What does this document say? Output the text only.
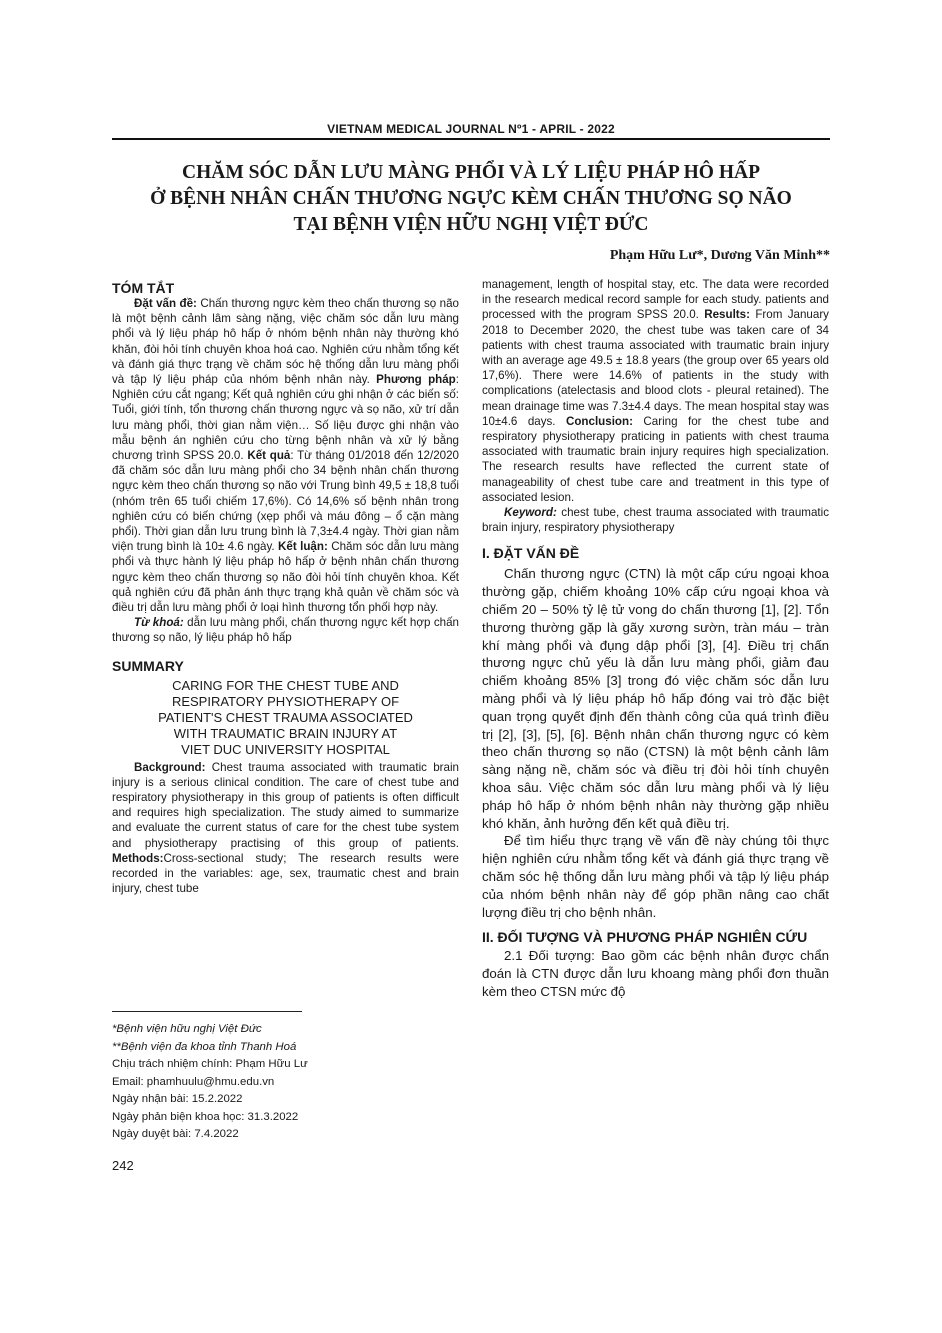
VIETNAM MEDICAL JOURNAL Nº1 - APRIL - 2022
CHĂM SÓC DẪN LƯU MÀNG PHỔI VÀ LÝ LIỆU PHÁP HÔ HẤP
Ở BỆNH NHÂN CHẤN THƯƠNG NGỰC KÈM CHẤN THƯƠNG SỌ NÃO
TẠI BỆNH VIỆN HỮU NGHỊ VIỆT ĐỨC
Phạm Hữu Lư*, Dương Văn Minh**

TÓM TẮT

Đặt vấn đề: Chấn thương ngực kèm theo chấn thương sọ não là một bệnh cảnh lâm sàng nặng, việc chăm sóc dẫn lưu màng phổi và lý liệu pháp hô hấp ở nhóm bệnh nhân này thường khó khăn, đòi hỏi tính chuyên khoa hoá cao. Nghiên cứu nhằm tổng kết và đánh giá thực trạng về chăm sóc hệ thống dẫn lưu màng phổi và tập lý liệu pháp của nhóm bệnh nhân này. Phương pháp: Nghiên cứu cắt ngang; Kết quả nghiên cứu ghi nhận ở các biến số: Tuổi, giới tính, tổn thương chấn thương ngực và sọ não, xử trí dẫn lưu màng phổi, thời gian nằm viện… Số liệu được ghi nhận vào mẫu bệnh án nghiên cứu cho từng bệnh nhân và xử lý bằng chương trình SPSS 20.0. Kết quả: Từ tháng 01/2018 đến 12/2020 đã chăm sóc dẫn lưu màng phổi cho 34 bệnh nhân chấn thương ngực kèm theo chấn thương sọ não với Trung bình 49,5 ± 18,8 tuổi (nhóm trên 65 tuổi chiếm 17,6%). Có 14,6% số bệnh nhân trong nghiên cứu có biến chứng (xẹp phổi và máu đông – ổ cặn màng phổi). Thời gian dẫn lưu trung bình là 7,3±4.4 ngày. Thời gian nằm viện trung bình là 10± 4.6 ngày. Kết luận: Chăm sóc dẫn lưu màng phổi và thực hành lý liệu pháp hô hấp ở bệnh nhân chấn thương ngực kèm theo chấn thương sọ não đòi hỏi tính chuyên khoa. Kết quả nghiên cứu đã phản ánh thực trạng khả quản về chăm sóc và điều trị dẫn lưu màng phổi ở loại hình thương tổn phối hợp này.

Từ khoá: dẫn lưu màng phổi, chấn thương ngực kết hợp chấn thương sọ não, lý liệu pháp hô hấp

SUMMARY

CARING FOR THE CHEST TUBE AND
RESPIRATORY PHYSIOTHERAPY OF
PATIENT'S CHEST TRAUMA ASSOCIATED
WITH TRAUMATIC BRAIN INJURY AT
VIET DUC UNIVERSITY HOSPITAL

Background: Chest trauma associated with traumatic brain injury is a serious clinical condition. The care of chest tube and respiratory physiotherapy in this group of patients is often difficult and requires high specialization. The study aimed to summarize and evaluate the current status of care for the chest tube system and physiotherapy practising of this group of patients. Methods:Cross-sectional study; The research results were recorded in the variables: age, sex, traumatic chest and brain injury, chest tube

*Bệnh viện hữu nghị Việt Đức
**Bệnh viện đa khoa tỉnh Thanh Hoá
Chịu trách nhiệm chính: Phạm Hữu Lư
Email: phamhuulu@hmu.edu.vn
Ngày nhận bài: 15.2.2022
Ngày phản biện khoa học: 31.3.2022
Ngày duyệt bài: 7.4.2022
242

management, length of hospital stay, etc. The data were recorded in the research medical record sample for each study. patients and processed with the program SPSS 20.0. Results: From January 2018 to December 2020, the chest tube was taken care of 34 patients with chest trauma associated with traumatic brain injury with an average age 49.5 ± 18.8 years (the group over 65 years old 17,6%). There were 14.6% of patients in the study with complications (atelectasis and blood clots - pleural retained). The mean drainage time was 7.3±4.4 days. The mean hospital stay was 10±4.6 days. Conclusion: Caring for the chest tube and respiratory physiotherapy praticing in patients with chest trauma associated with traumatic brain injury requires high specialization. The research results have reflected the current state of manageability of chest tube care and treatment in this type of associated lesion.

Keyword: chest tube, chest trauma associated with traumatic brain injury, respiratory physiotherapy

I. ĐẶT VẤN ĐỀ

Chấn thương ngực (CTN) là một cấp cứu ngoại khoa thường gặp, chiếm khoảng 10% cấp cứu ngoại khoa và chiếm 20 – 50% tỷ lệ tử vong do chấn thương [1], [2]. Tổn thương thường gặp là gãy xương sườn, tràn máu – tràn khí màng phổi và đụng dập phổi [3], [4]. Điều trị chấn thương ngực chủ yếu là dẫn lưu màng phổi, giảm đau chiếm khoảng 85% [3] trong đó việc chăm sóc dẫn lưu màng phổi và lý liệu pháp hô hấp đóng vai trò đặc biệt quan trọng quyết định đến thành công của quá trình điều trị [2], [3], [5], [6]. Bệnh nhân chấn thương ngực có kèm theo chấn thương sọ não (CTSN) là một bệnh cảnh lâm sàng nặng nề, chăm sóc và điều trị đòi hỏi tính chuyên khoa sâu. Việc chăm sóc dẫn lưu màng phổi và lý liệu pháp hô hấp ở nhóm bệnh nhân này thường gặp nhiều khó khăn, ảnh hưởng đến kết quả điều trị.

Để tìm hiểu thực trạng về vấn đề này chúng tôi thực hiện nghiên cứu nhằm tổng kết và đánh giá thực trạng về chăm sóc hệ thống dẫn lưu màng phổi và tập lý liệu pháp của nhóm bệnh nhân này để góp phần nâng cao chất lượng điều trị cho bệnh nhân.

II. ĐỐI TƯỢNG VÀ PHƯƠNG PHÁP NGHIÊN CỨU

2.1 Đối tượng: Bao gồm các bệnh nhân được chẩn đoán là CTN được dẫn lưu khoang màng phổi đơn thuần kèm theo CTSN mức độ
